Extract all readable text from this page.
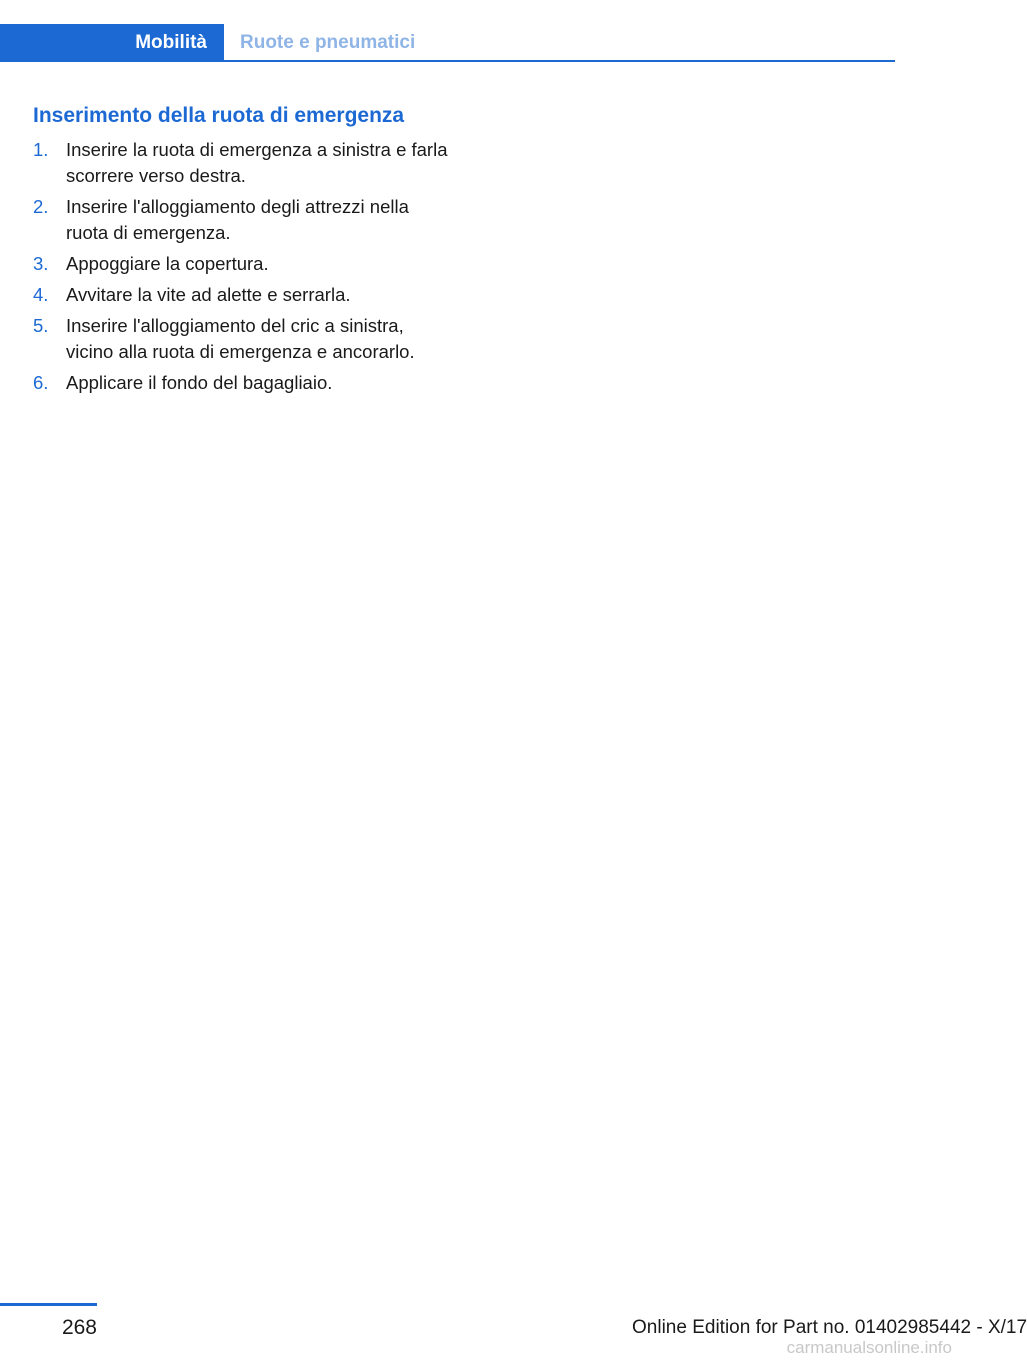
Mobilità	Ruote e pneumatici
Inserimento della ruota di emergenza
1. Inserire la ruota di emergenza a sinistra e farla scorrere verso destra.
2. Inserire l'alloggiamento degli attrezzi nella ruota di emergenza.
3. Appoggiare la copertura.
4. Avvitare la vite ad alette e serrarla.
5. Inserire l'alloggiamento del cric a sinistra, vicino alla ruota di emergenza e ancorarlo.
6. Applicare il fondo del bagagliaio.
268	Online Edition for Part no. 01402985442 - X/17
carmanualsonline.info
